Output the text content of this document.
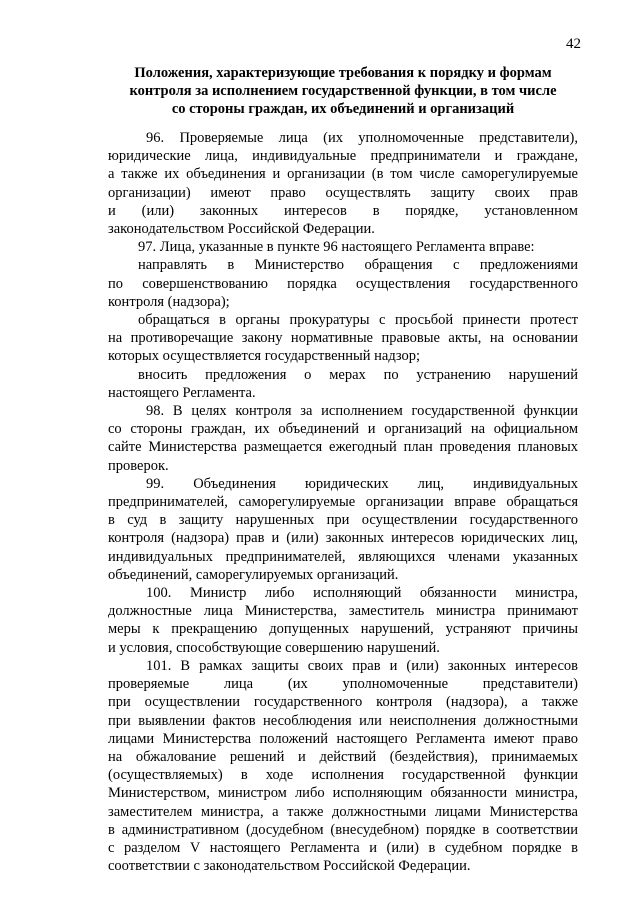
42
Положения, характеризующие требования к порядку и формам
контроля за исполнением государственной функции, в том числе
со стороны граждан, их объединений и организаций

96. Проверяемые лица (их уполномоченные представители),
юридические лица, индивидуальные предприниматели и граждане,
а также их объединения и организации (в том числе саморегулируемые
организации) имеют право осуществлять защиту своих прав
и (или) законных интересов в порядке, установленном
законодательством Российской Федерации.

97. Лица, указанные в пункте 96 настоящего Регламента вправе:

направлять в Министерство обращения с предложениями
по совершенствованию порядка осуществления государственного
контроля (надзора);

обращаться в органы прокуратуры с просьбой принести протест
на противоречащие закону нормативные правовые акты, на основании
которых осуществляется государственный надзор;

вносить предложения о мерах по устранению нарушений
настоящего Регламента.

98. В целях контроля за исполнением государственной функции
со стороны граждан, их объединений и организаций на официальном
сайте Министерства размещается ежегодный план проведения плановых
проверок.

99. Объединения юридических лиц, индивидуальных
предпринимателей, саморегулируемые организации вправе обращаться
в суд в защиту нарушенных при осуществлении государственного
контроля (надзора) прав и (или) законных интересов юридических лиц,
индивидуальных предпринимателей, являющихся членами указанных
объединений, саморегулируемых организаций.

100. Министр либо исполняющий обязанности министра,
должностные лица Министерства, заместитель министра принимают
меры к прекращению допущенных нарушений, устраняют причины
и условия, способствующие совершению нарушений.

101. В рамках защиты своих прав и (или) законных интересов
проверяемые лица (их уполномоченные представители)
при осуществлении государственного контроля (надзора), а также
при выявлении фактов несоблюдения или неисполнения должностными
лицами Министерства положений настоящего Регламента имеют право
на обжалование решений и действий (бездействия), принимаемых
(осуществляемых) в ходе исполнения государственной функции
Министерством, министром либо исполняющим обязанности министра,
заместителем министра, а также должностными лицами Министерства
в административном (досудебном (внесудебном) порядке в соответствии
с разделом V настоящего Регламента и (или) в судебном порядке в
соответствии с законодательством Российской Федерации.
